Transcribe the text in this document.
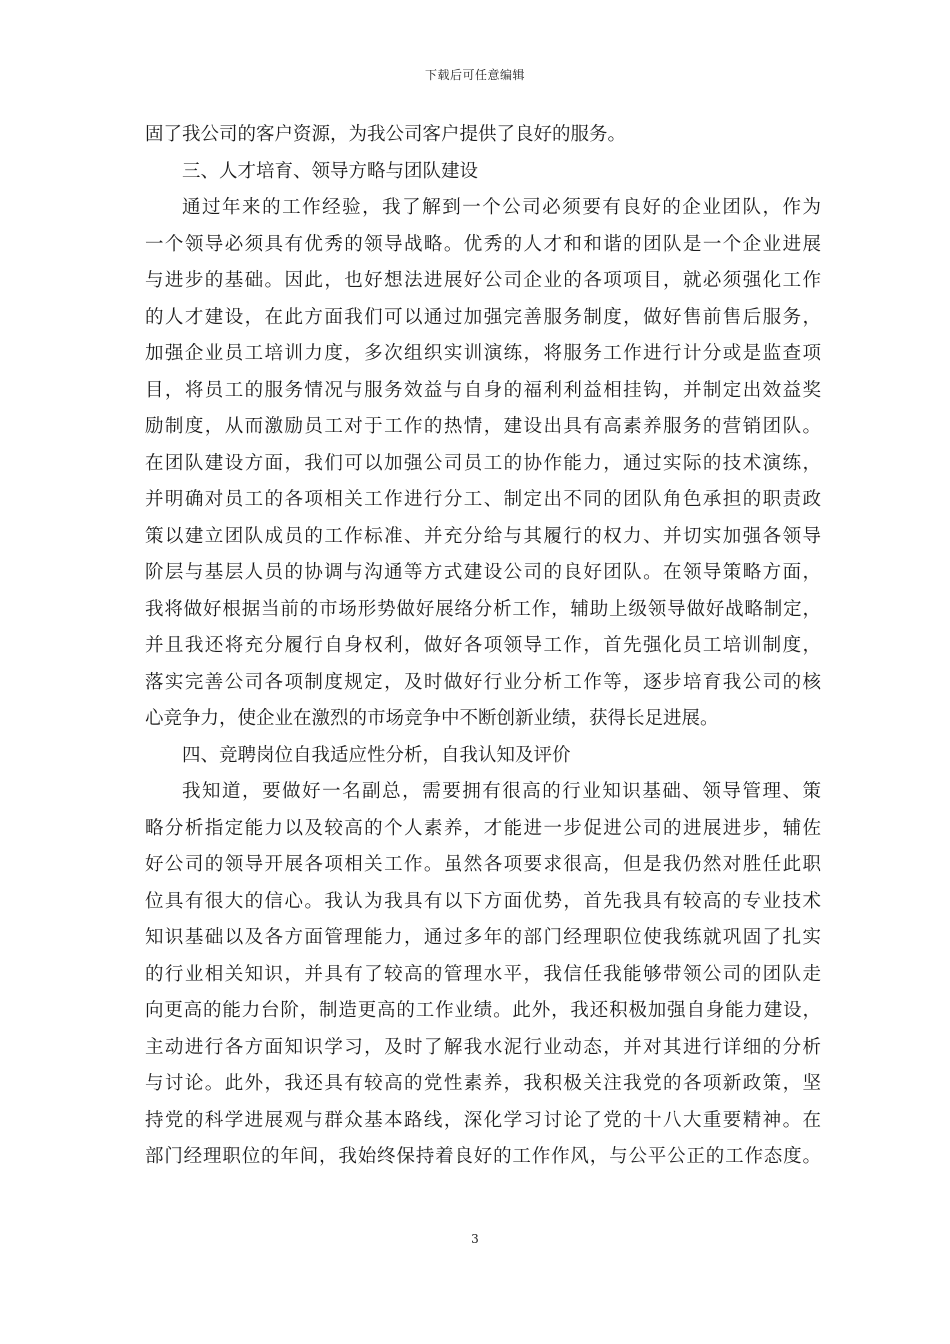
下载后可任意编辑
固了我公司的客户资源，为我公司客户提供了良好的服务。
三、人才培育、领导方略与团队建设
通过年来的工作经验，我了解到一个公司必须要有良好的企业团队，作为
一个领导必须具有优秀的领导战略。优秀的人才和和谐的团队是一个企业进展
与进步的基础。因此，也好想法进展好公司企业的各项项目，就必须强化工作
的人才建设，在此方面我们可以通过加强完善服务制度，做好售前售后服务，
加强企业员工培训力度，多次组织实训演练，将服务工作进行计分或是监查项
目，将员工的服务情况与服务效益与自身的福利利益相挂钩，并制定出效益奖
励制度，从而激励员工对于工作的热情，建设出具有高素养服务的营销团队。
在团队建设方面，我们可以加强公司员工的协作能力，通过实际的技术演练，
并明确对员工的各项相关工作进行分工、制定出不同的团队角色承担的职责政
策以建立团队成员的工作标准、并充分给与其履行的权力、并切实加强各领导
阶层与基层人员的协调与沟通等方式建设公司的良好团队。在领导策略方面，
我将做好根据当前的市场形势做好展络分析工作，辅助上级领导做好战略制定，
并且我还将充分履行自身权利，做好各项领导工作，首先强化员工培训制度，
落实完善公司各项制度规定，及时做好行业分析工作等，逐步培育我公司的核
心竞争力，使企业在激烈的市场竞争中不断创新业绩，获得长足进展。
四、竞聘岗位自我适应性分析，自我认知及评价
我知道，要做好一名副总，需要拥有很高的行业知识基础、领导管理、策
略分析指定能力以及较高的个人素养，才能进一步促进公司的进展进步，辅佐
好公司的领导开展各项相关工作。虽然各项要求很高，但是我仍然对胜任此职
位具有很大的信心。我认为我具有以下方面优势，首先我具有较高的专业技术
知识基础以及各方面管理能力，通过多年的部门经理职位使我练就巩固了扎实
的行业相关知识，并具有了较高的管理水平，我信任我能够带领公司的团队走
向更高的能力台阶，制造更高的工作业绩。此外，我还积极加强自身能力建设，
主动进行各方面知识学习，及时了解我水泥行业动态，并对其进行详细的分析
与讨论。此外，我还具有较高的党性素养，我积极关注我党的各项新政策，坚
持党的科学进展观与群众基本路线，深化学习讨论了党的十八大重要精神。在
部门经理职位的年间，我始终保持着良好的工作作风，与公平公正的工作态度。
3
